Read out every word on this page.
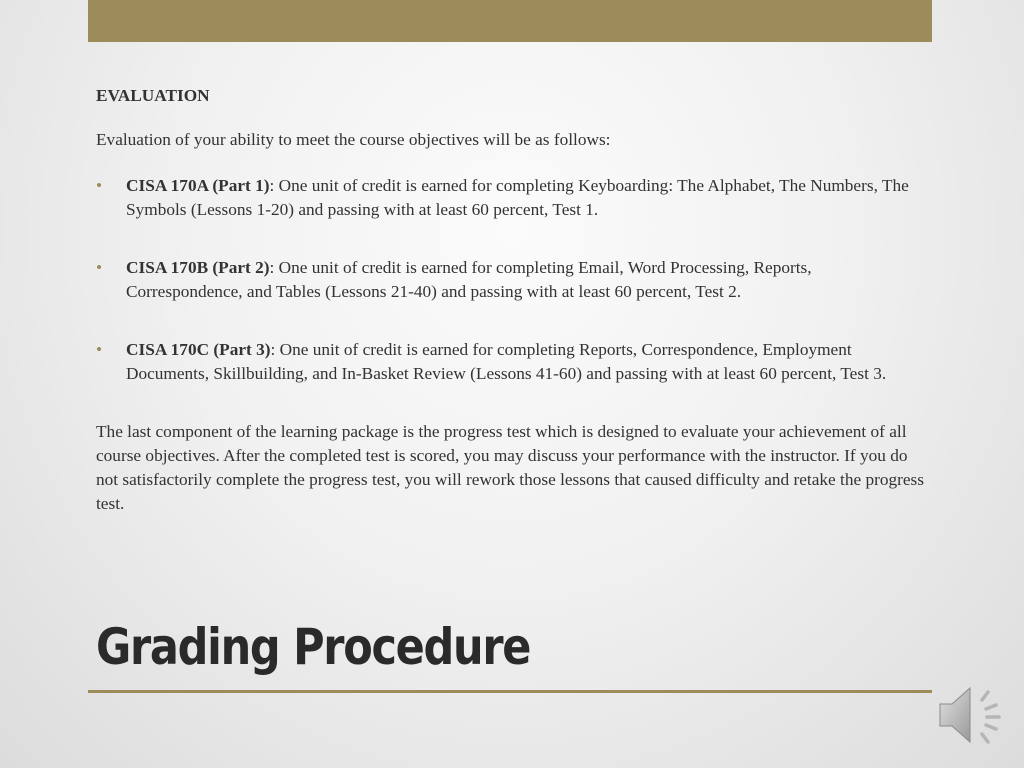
EVALUATION

Evaluation of your ability to meet the course objectives will be as follows:

• CISA 170A (Part 1): One unit of credit is earned for completing Keyboarding: The Alphabet, The Numbers, The Symbols (Lessons 1-20) and passing with at least 60 percent, Test 1.
• CISA 170B (Part 2): One unit of credit is earned for completing Email, Word Processing, Reports, Correspondence, and Tables (Lessons 21-40) and passing with at least 60 percent, Test 2.
• CISA 170C (Part 3): One unit of credit is earned for completing Reports, Correspondence, Employment Documents, Skillbuilding, and In-Basket Review (Lessons 41-60) and passing with at least 60 percent, Test 3.

The last component of the learning package is the progress test which is designed to evaluate your achievement of all course objectives. After the completed test is scored, you may discuss your performance with the instructor. If you do not satisfactorily complete the progress test, you will rework those lessons that caused difficulty and retake the progress test.

Grading Procedure
